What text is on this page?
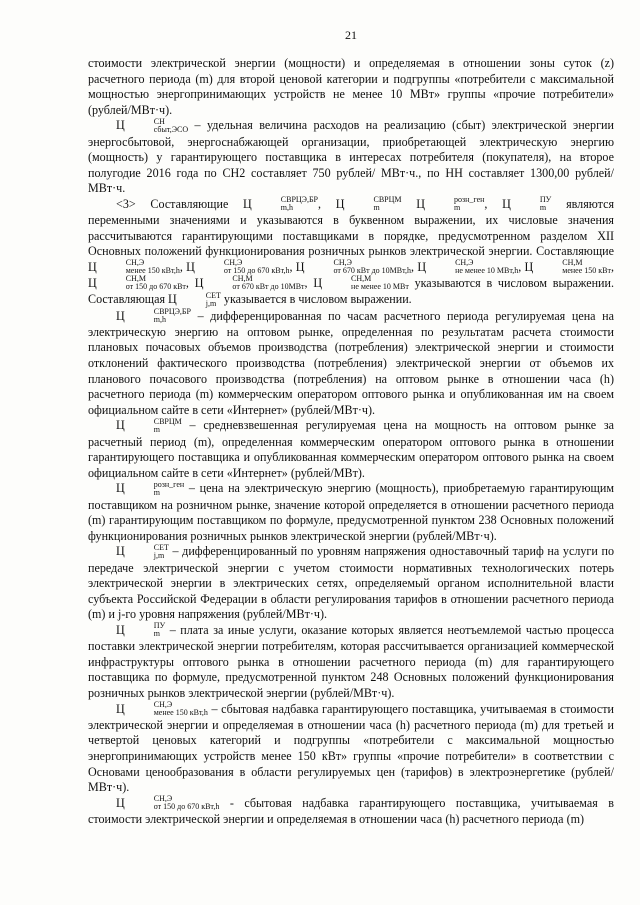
21

стоимости электрической энергии (мощности) и определяемая в отношении зоны суток (z) расчетного периода (m) для второй ценовой категории и подгруппы «потребители с максимальной мощностью энергопринимающих устройств не менее 10 МВт» группы «прочие потребители» (рублей/МВт·ч).

Ц	СН
сбыт,ЭСО – удельная величина расходов на реализацию (сбыт) электрической энергии энергосбытовой, энергоснабжающей организации, приобретающей электрическую энергию (мощность) у гарантирующего поставщика в интересах потребителя (покупателя), на второе полугодие 2016 года по СН2 составляет 750 рублей/ МВт·ч., по НН составляет 1300,00 рублей/ МВт·ч.

<3> Составляющие Ц	СВРЦЭ,БР
m,h	, Ц	СВРЦМ
m	Ц	розн_ген
m	, Ц	ПУ
m являются переменными значениями и указываются в буквенном выражении, их числовые значения рассчитываются гарантирующими поставщиками в порядке, предусмотренном разделом XII Основных положений функционирования розничных рынков электрической энергии. Составляющие Ц	СН,Э
менее 150 кВт,h , Ц	СН,Э
от 150 до 670 кВт,h , Ц	СН,Э
от 670 кВт до 10МВт,h , Ц	СН,Э
не менее 10 МВт,h , Ц	СН,М
менее 150 кВт , Ц	СН,М
от 150 до 670 кВт , Ц	СН,М
от 670 кВт до 10МВт , Ц	СН,М
не менее 10 МВт указываются в числовом выражении. Составляющая Ц	СЕТ
j,m указывается в числовом выражении.

Ц	СВРЦЭ,БР
m,h	– дифференцированная по часам расчетного периода регулируемая цена на электрическую энергию на оптовом рынке, определенная по результатам расчета стоимости плановых почасовых объемов производства (потребления) электрической энергии и стоимости отклонений фактического производства (потребления) электрической энергии от объемов их планового почасового производства (потребления) на оптовом рынке в отношении часа (h) расчетного периода (m) коммерческим оператором оптового рынка и опубликованная им на своем официальном сайте в сети «Интернет» (рублей/МВт·ч).

Ц	СВРЦМ
m	– средневзвешенная регулируемая цена на мощность на оптовом рынке за расчетный период (m), определенная коммерческим оператором оптового рынка в отношении гарантирующего поставщика и опубликованная коммерческим оператором оптового рынка на своем официальном сайте в сети «Интернет» (рублей/МВт).

Ц	розн_ген
m	– цена на электрическую энергию (мощность), приобретаемую гарантирующим поставщиком на розничном рынке, значение которой определяется в отношении расчетного периода (m) гарантирующим поставщиком по формуле, предусмотренной пунктом 238 Основных положений функционирования розничных рынков электрической энергии (рублей/МВт·ч).

Ц	СЕТ
j,m – дифференцированный по уровням напряжения одноставочный тариф на услуги по передаче электрической энергии с учетом стоимости нормативных технологических потерь электрической энергии в электрических сетях, определяемый органом исполнительной власти субъекта Российской Федерации в области регулирования тарифов в отношении расчетного периода (m) и j-го уровня напряжения (рублей/МВт·ч).

Ц	ПУ
m – плата за иные услуги, оказание которых является неотъемлемой частью процесса поставки электрической энергии потребителям, которая рассчитывается организацией коммерческой инфраструктуры оптового рынка в отношении расчетного периода (m) для гарантирующего поставщика по формуле, предусмотренной пунктом 248 Основных положений функционирования розничных рынков электрической энергии (рублей/МВт·ч).

Ц	СН,Э
менее 150 кВт,h – сбытовая надбавка гарантирующего поставщика, учитываемая в стоимости электрической энергии и определяемая в отношении часа (h) расчетного периода (m) для третьей и четвертой ценовых категорий и подгруппы «потребители с максимальной мощностью энергопринимающих устройств менее 150 кВт» группы «прочие потребители» в соответствии с Основами ценообразования в области регулируемых цен (тарифов) в электроэнергетике (рублей/МВт·ч).

Ц	СН,Э
от 150 до 670 кВт,h - сбытовая надбавка гарантирующего поставщика, учитываемая в стоимости электрической энергии и определяемая в отношении часа (h) расчетного периода (m)
